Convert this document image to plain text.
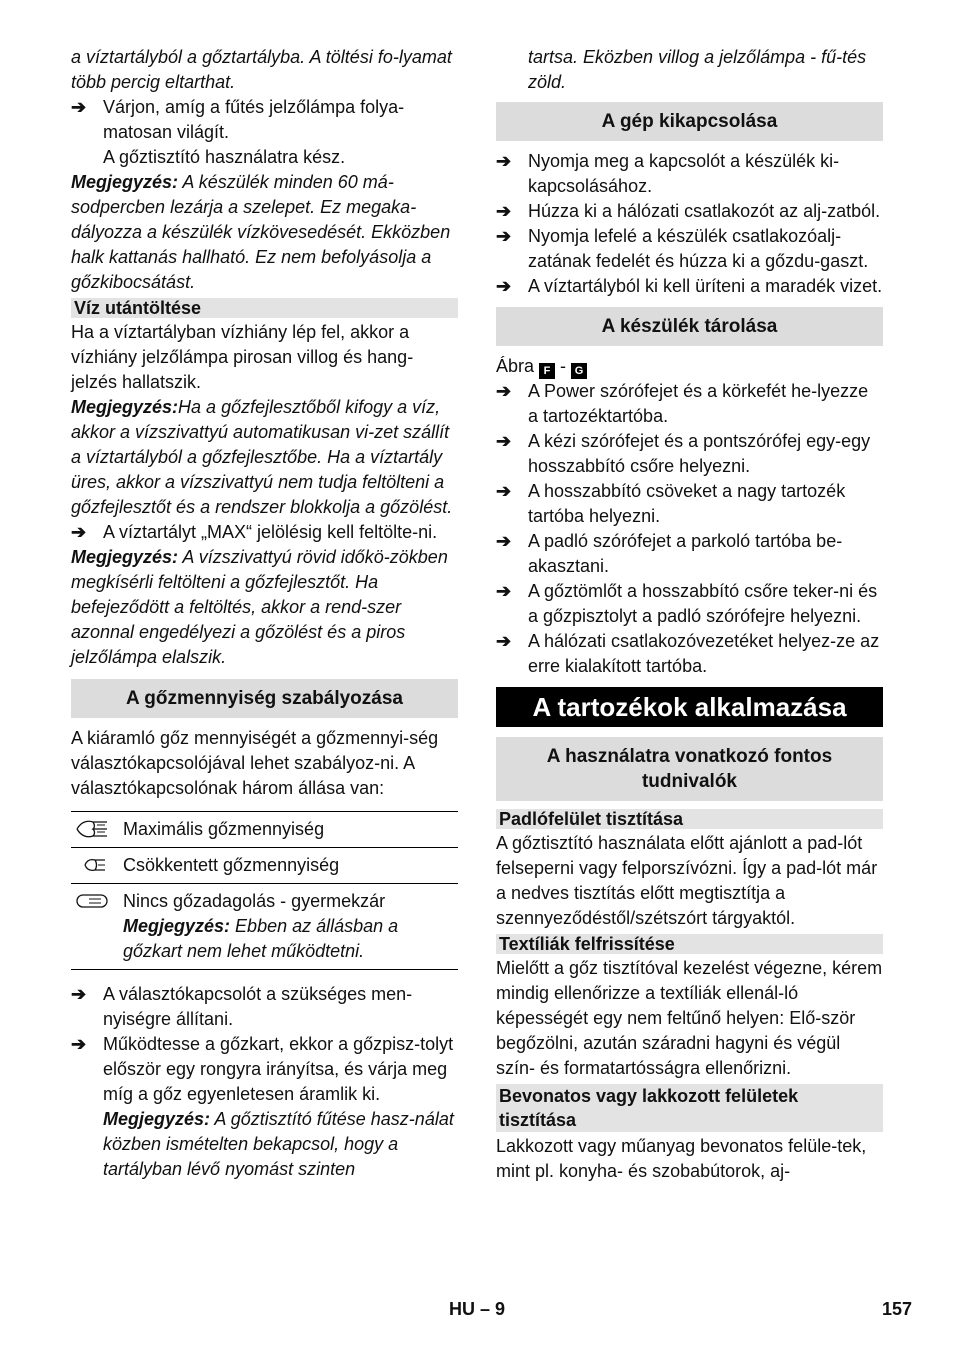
a víztartályból a gőztartályba. A töltési fo-lyamat több percig eltarthat.

➔ Várjon, amíg a fűtés jelzőlámpa folya-matosan világít.

A gőztisztító használatra kész.

Megjegyzés: A készülék minden 60 má-sodpercben lezárja a szelepet. Ez megaka-dályozza a készülék vízkövesedését. Ekközben halk kattanás hallható. Ez nem befolyásolja a gőzkibocsátást.

Víz utántöltése

Ha a víztartályban vízhiány lép fel, akkor a vízhiány jelzőlámpa pirosan villog és hang-jelzés hallatszik.

Megjegyzés:Ha a gőzfejlesztőből kifogy a víz, akkor a vízszivattyú automatikusan vi-zet szállít a víztartályból a gőzfejlesztőbe. Ha a víztartály üres, akkor a vízszivattyú nem tudja feltölteni a gőzfejlesztőt és a rendszer blokkolja a gőzölést.

➔ A víztartályt „MAX“ jelölésig kell feltölte-ni.

Megjegyzés: A vízszivattyú rövid időkö-zökben megkísérli feltölteni a gőzfejlesztőt. Ha befejeződött a feltöltés, akkor a rend-szer azonnal engedélyezi a gőzölést és a piros jelzőlámpa elalszik.

A gőzmennyiség szabályozása

A kiáramló gőz mennyiségét a gőzmennyi-ség választókapcsolójával lehet szabályoz-ni. A választókapcsolónak három állása van:

	Maximális gőzmennyiség

	Csökkentett gőzmennyiség

Nincs gőzadagolás - gyermekzár
Megjegyzés: Ebben az állásban a gőzkart nem lehet működtetni.
➔ A választókapcsolót a szükséges men-nyiségre állítani.
➔ Működtesse a gőzkart, ekkor a gőzpisz-tolyt először egy rongyra irányítsa, és várja meg míg a gőz egyenletesen áramlik ki.

Megjegyzés: A gőztisztító fűtése hasz-nálat közben ismételten bekapcsol, hogy a tartályban lévő nyomást szinten

tartsa. Eközben villog a jelzőlámpa - fű-tés zöld.

A gép kikapcsolása
➔ Nyomja meg a kapcsolót a készülék ki-kapcsolásához.
➔ Húzza ki a hálózati csatlakozót az alj-zatból.
➔ Nyomja lefelé a készülék csatlakozóalj-zatának fedelét és húzza ki a gőzdu-gaszt.
➔ A víztartályból ki kell üríteni a maradék vizet.
A készülék tárolása

Ábra F - G

➔ A Power szórófejet és a körkefét he-lyezze a tartozéktartóba.
➔ A kézi szórófejet és a pontszórófej egy-egy hosszabbító csőre helyezni.
➔ A hosszabbító csöveket a nagy tartozék tartóba helyezni.
➔ A padló szórófejet a parkoló tartóba be-akasztani.
➔ A gőztömlőt a hosszabbító csőre teker-ni és a gőzpisztolyt a padló szórófejre helyezni.
➔ A hálózati csatlakozóvezetéket helyez-ze az erre kialakított tartóba.
A tartozékok alkalmazása
A használatra vonatkozó fontos tudnivalók
Padlófelület tisztítása

A gőztisztító használata előtt ajánlott a pad-lót felseperni vagy felporszívózni. Így a pad-lót már a nedves tisztítás előtt megtisztítja a szennyeződéstől/szétszórt tárgyaktól.

Textíliák felfrissítése

Mielőtt a gőz tisztítóval kezelést végezne, kérem mindig ellenőrizze a textíliák ellenál-ló képességét egy nem feltűnő helyen: Elő-ször begőzölni, azután száradni hagyni és végül szín- és formatartósságra ellenőrizni.

Bevonatos vagy lakkozott felületek tisztítása

Lakkozott vagy műanyag bevonatos felüle-tek, mint pl. konyha- és szobabútorok, aj-

HU – 9	157
